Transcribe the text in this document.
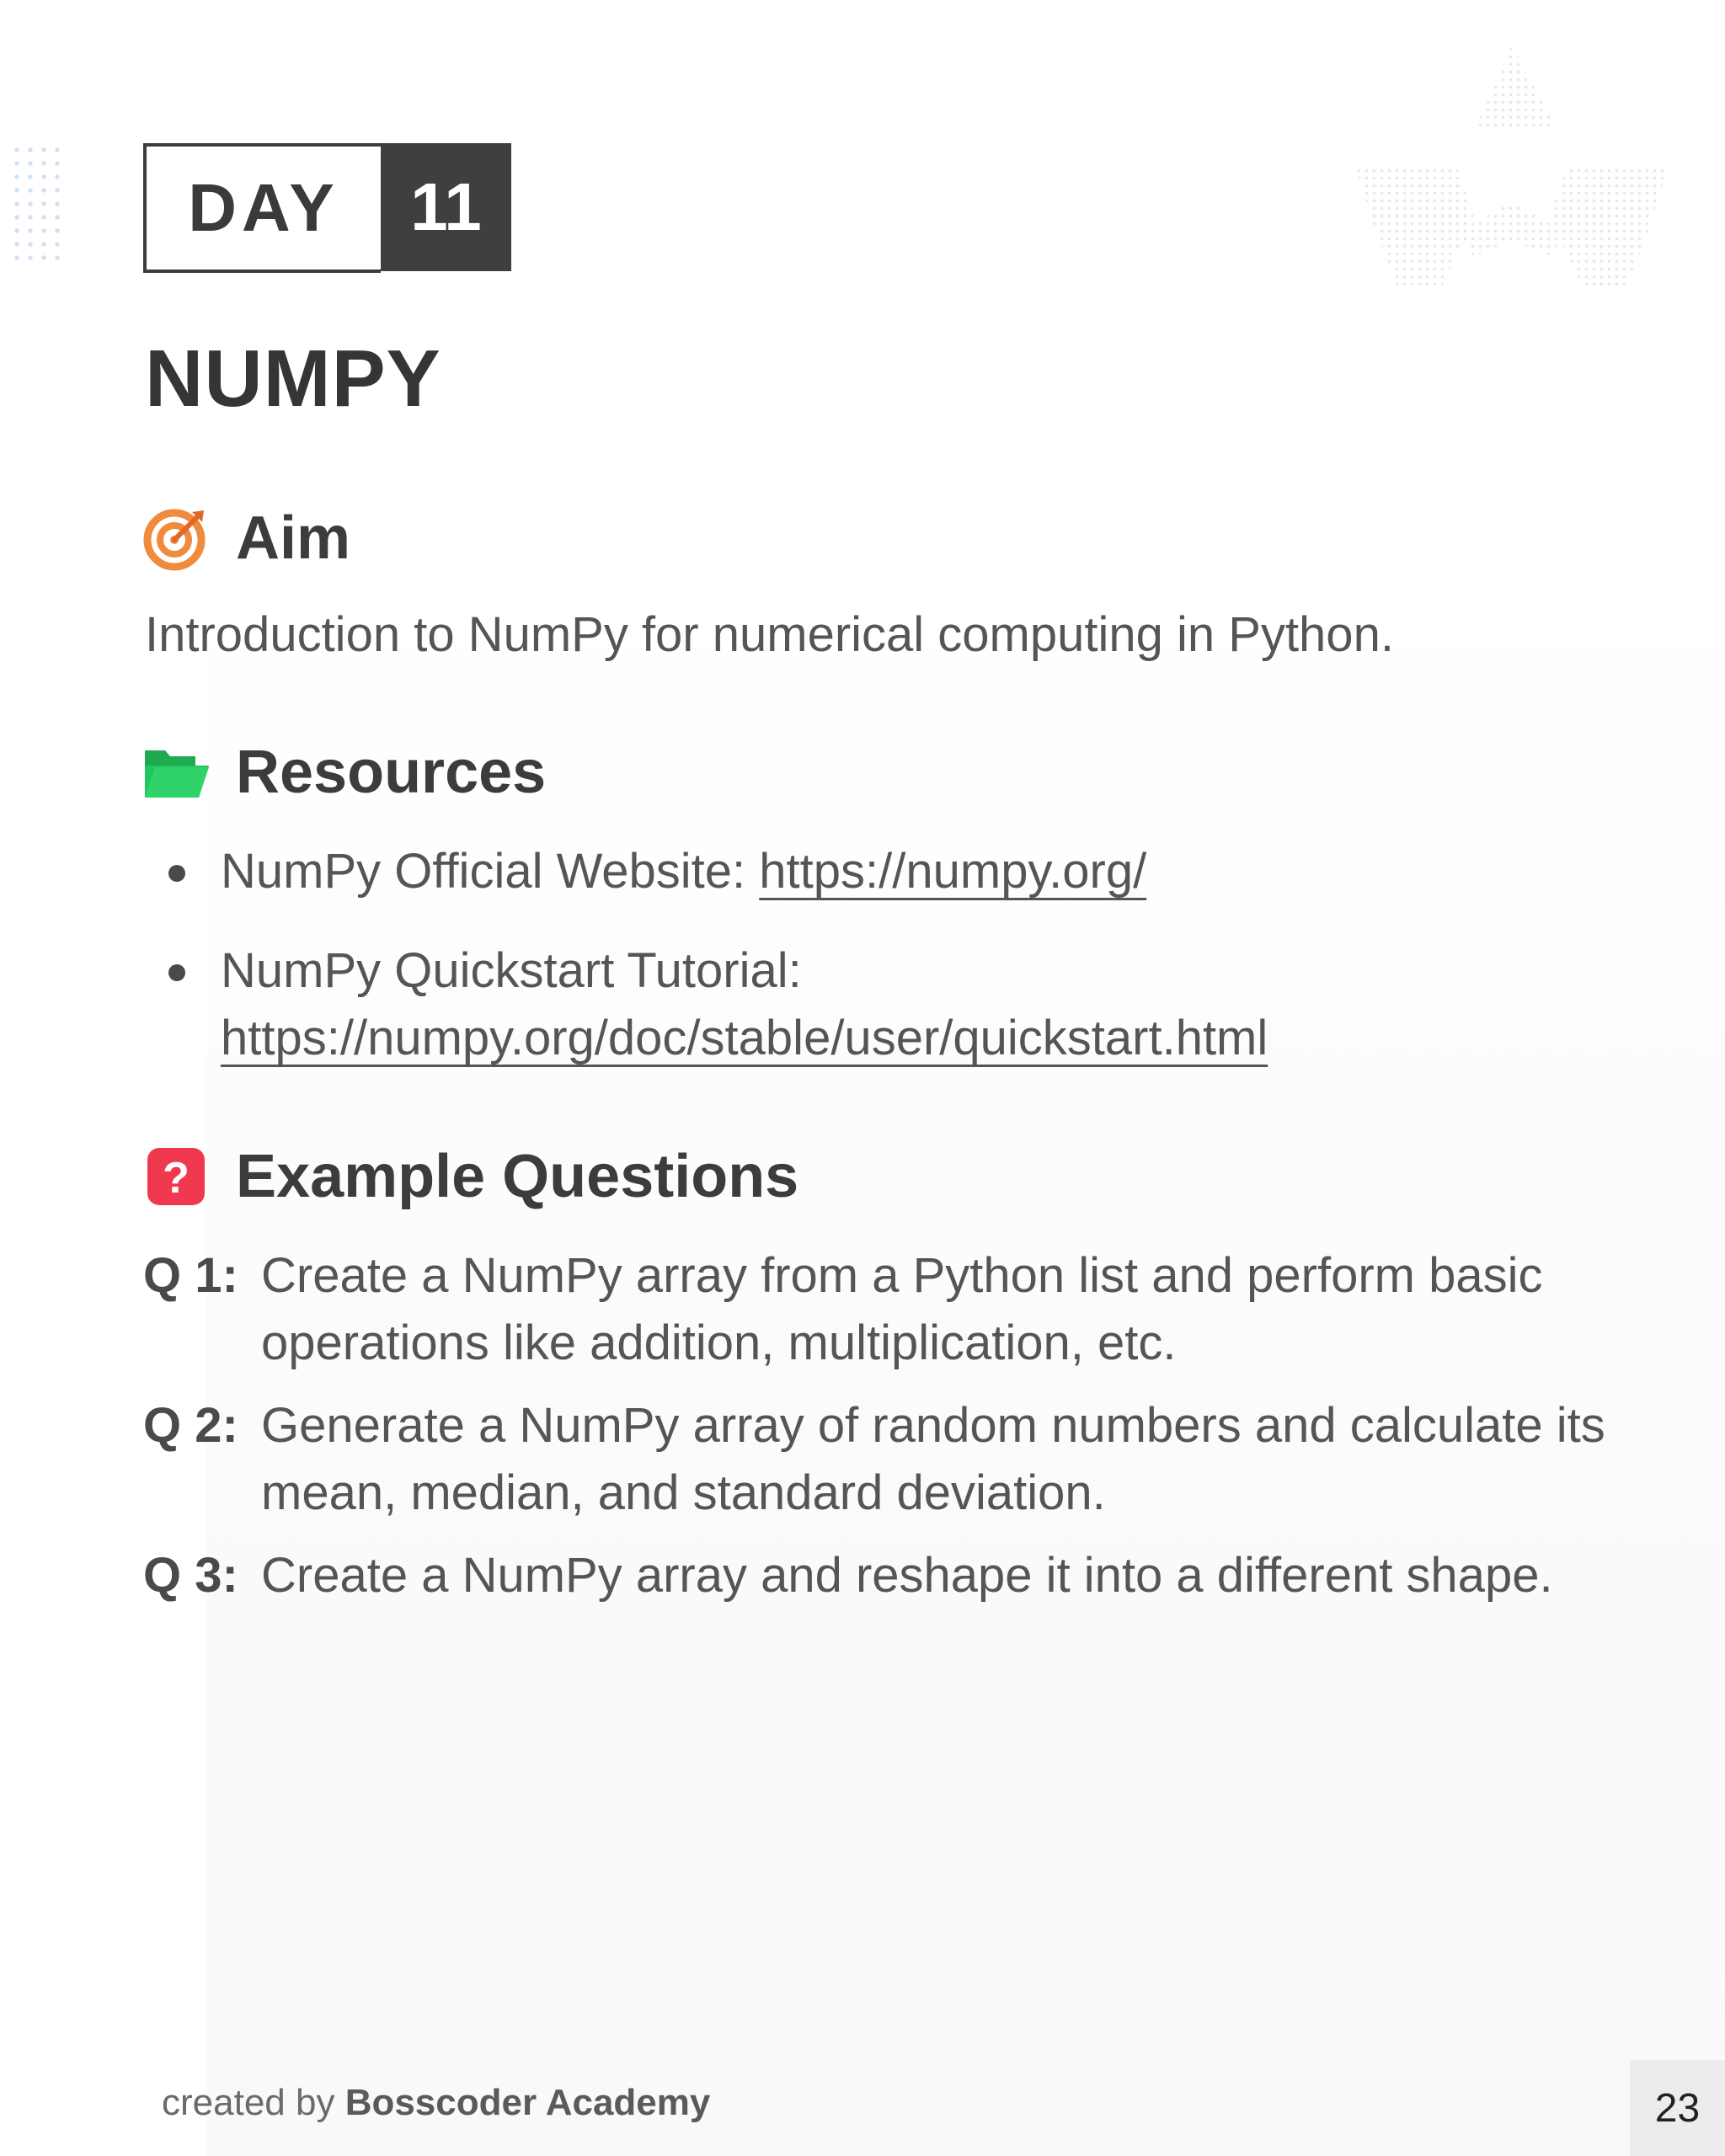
DAY	11
NUMPY
Aim

Introduction to NumPy for numerical computing in Python.

Resources
NumPy Official Website: https://numpy.org/
NumPy Quickstart Tutorial: https://numpy.org/doc/stable/user/quickstart.html
? Example Questions
Q 1: Create a NumPy array from a Python list and perform basic operations like addition, multiplication, etc.
Q 2: Generate a NumPy array of random numbers and calculate its mean, median, and standard deviation.
Q 3: Create a NumPy array and reshape it into a different shape.
created by Bosscoder Academy	23
